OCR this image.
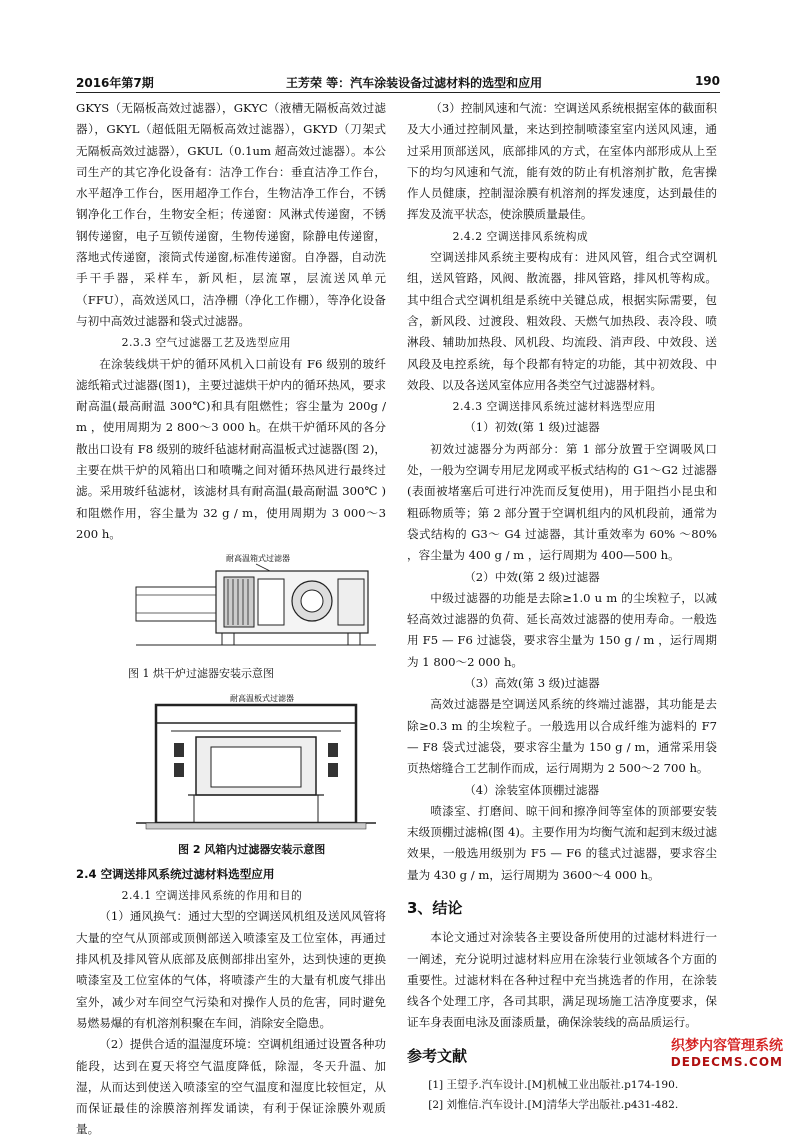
2016年第7期	王芳荣 等：汽车涂装设备过滤材料的选型和应用	190

GKYS（无隔板高效过滤器），GKYC（液槽无隔板高效过滤器），GKYL（超低阻无隔板高效过滤器），GKYD（刀架式无隔板高效过滤器），GKUL（0.1um 超高效过滤器）。本公司生产的其它净化设备有：洁净工作台：垂直洁净工作台，水平超净工作台，医用超净工作台，生物洁净工作台，不锈钢净化工作台，生物安全柜；传递窗：风淋式传递窗，不锈钢传递窗，电子互锁传递窗，生物传递窗，除静电传递窗，落地式传递窗，滚筒式传递窗,标准传递窗。自净器，自动洗手干手器，采样车，新风柜，层流罩，层流送风单元（FFU），高效送风口，洁净棚（净化工作棚），等净化设备与初中高效过滤器和袋式过滤器。

2.3.3 空气过滤器工艺及选型应用

在涂装线烘干炉的循环风机入口前设有 F6 级别的玻纤滤纸箱式过滤器(图1)，主要过滤烘干炉内的循环热风，要求耐高温(最高耐温 300℃)和具有阻燃性；容尘量为 200g / m ，使用周期为 2 800～3 000 h。在烘干炉循环风的各分散出口设有 F8 级别的玻纤毡滤材耐高温板式过滤器(图 2)，主要在烘干炉的风箱出口和喷嘴之间对循环热风进行最终过滤。采用玻纤毡滤材，该滤材具有耐高温(最高耐温 300℃ )和阻燃作用，容尘量为 32 g / m，使用周期为 3 000～3 200 h。

耐高温箱式过滤器

图 1 烘干炉过滤器安装示意图

耐高温板式过滤器

图 2 风箱内过滤器安装示意图

2.4 空调送排风系统过滤材料选型应用

2.4.1 空调送排风系统的作用和目的

（1）通风换气：通过大型的空调送风机组及送风风管将大量的空气从顶部或顶侧部送入喷漆室及工位室体，再通过排风机及排风管从底部及底侧部排出室外，达到快速的更换喷漆室及工位室体的气体，将喷漆产生的大量有机废气排出室外，减少对车间空气污染和对操作人员的危害，同时避免易燃易爆的有机溶剂积聚在车间，消除安全隐患。

（2）提供合适的温湿度环境：空调机组通过设置各种功能段，达到在夏天将空气温度降低，除湿，冬天升温、加湿，从而达到使送入喷漆室的空气温度和湿度比较恒定，从而保证最佳的涂膜溶剂挥发诵读，有利于保证涂膜外观质量。

（3）控制风速和气流：空调送风系统根据室体的截面积及大小通过控制风量，来达到控制喷漆室室内送风风速，通过采用顶部送风，底部排风的方式，在室体内部形成从上至下的均匀风速和气流，能有效的防止有机溶剂扩散，危害操作人员健康，控制湿涂膜有机溶剂的挥发速度，达到最佳的挥发及流平状态，使涂膜质量最佳。

2.4.2 空调送排风系统构成

空调送排风系统主要构成有：进风风管，组合式空调机组，送风管路，风阀、散流器，排风管路，排风机等构成。其中组合式空调机组是系统中关键总成，根据实际需要，包含，新风段、过渡段、粗效段、天燃气加热段、表冷段、喷淋段、辅助加热段、风机段、均流段、消声段、中效段、送风段及电控系统，每个段都有特定的功能，其中初效段、中效段、以及各送风室体应用各类空气过滤器材料。

2.4.3 空调送排风系统过滤材料选型应用

（1）初效(第 1 级)过滤器

初效过滤器分为两部分：第 1 部分放置于空调吸风口处，一般为空调专用尼龙网或平板式结构的 G1～G2 过滤器(表面被堵塞后可进行冲洗而反复使用)，用于阻挡小昆虫和粗砾物质等；第 2 部分置于空调机组内的风机段前，通常为袋式结构的 G3～ G4 过滤器，其计重效率为 60% ～80% ，容尘量为 400 g / m ，运行周期为 400—500 h。

（2）中效(第 2 级)过滤器

中级过滤器的功能是去除≥1.0 u m 的尘埃粒子，以减轻高效过滤器的负荷、延长高效过滤器的使用寿命。一般选用 F5 — F6 过滤袋，要求容尘量为 150 g / m ，运行周期为 1 800～2 000 h。

（3）高效(第 3 级)过滤器

高效过滤器是空调送风系统的终端过滤器，其功能是去除≥0.3 m 的尘埃粒子。一般选用以合成纤维为滤料的 F7 — F8 袋式过滤袋，要求容尘量为 150 g / m，通常采用袋页热熔缝合工艺制作而成，运行周期为 2 500～2 700 h。

（4）涂装室体顶棚过滤器

喷漆室、打磨间、晾干间和擦净间等室体的顶部要安装末级顶棚过滤棉(图 4)。主要作用为均衡气流和起到末级过滤效果，一般选用级别为 F5 — F6 的毯式过滤器，要求容尘量为 430 g / m，运行周期为 3600～4 000 h。

3、结论

本论文通过对涂装各主要设备所使用的过滤材料进行一一阐述，充分说明过滤材料应用在涂装行业领域各个方面的重要性。过滤材料在各种过程中充当挑选者的作用，在涂装线各个处理工序，各司其职，满足现场施工洁净度要求，保证车身表面电泳及面漆质量，确保涂装线的高品质运行。

参考文献

[1] 王望予.汽车设计.[M]机械工业出版社.p174-190.

[2] 刘惟信.汽车设计.[M]清华大学出版社.p431-482.

织梦内容管理系统
DEDECMS.COM
